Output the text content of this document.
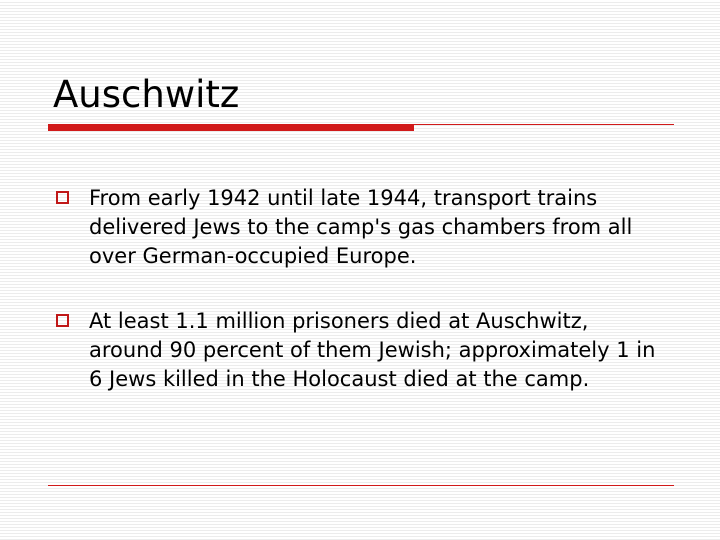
Auschwitz
From early 1942 until late 1944, transport trains delivered Jews to the camp's gas chambers from all over German-occupied Europe.
At least 1.1 million prisoners died at Auschwitz, around 90 percent of them Jewish; approximately 1 in 6 Jews killed in the Holocaust died at the camp.
